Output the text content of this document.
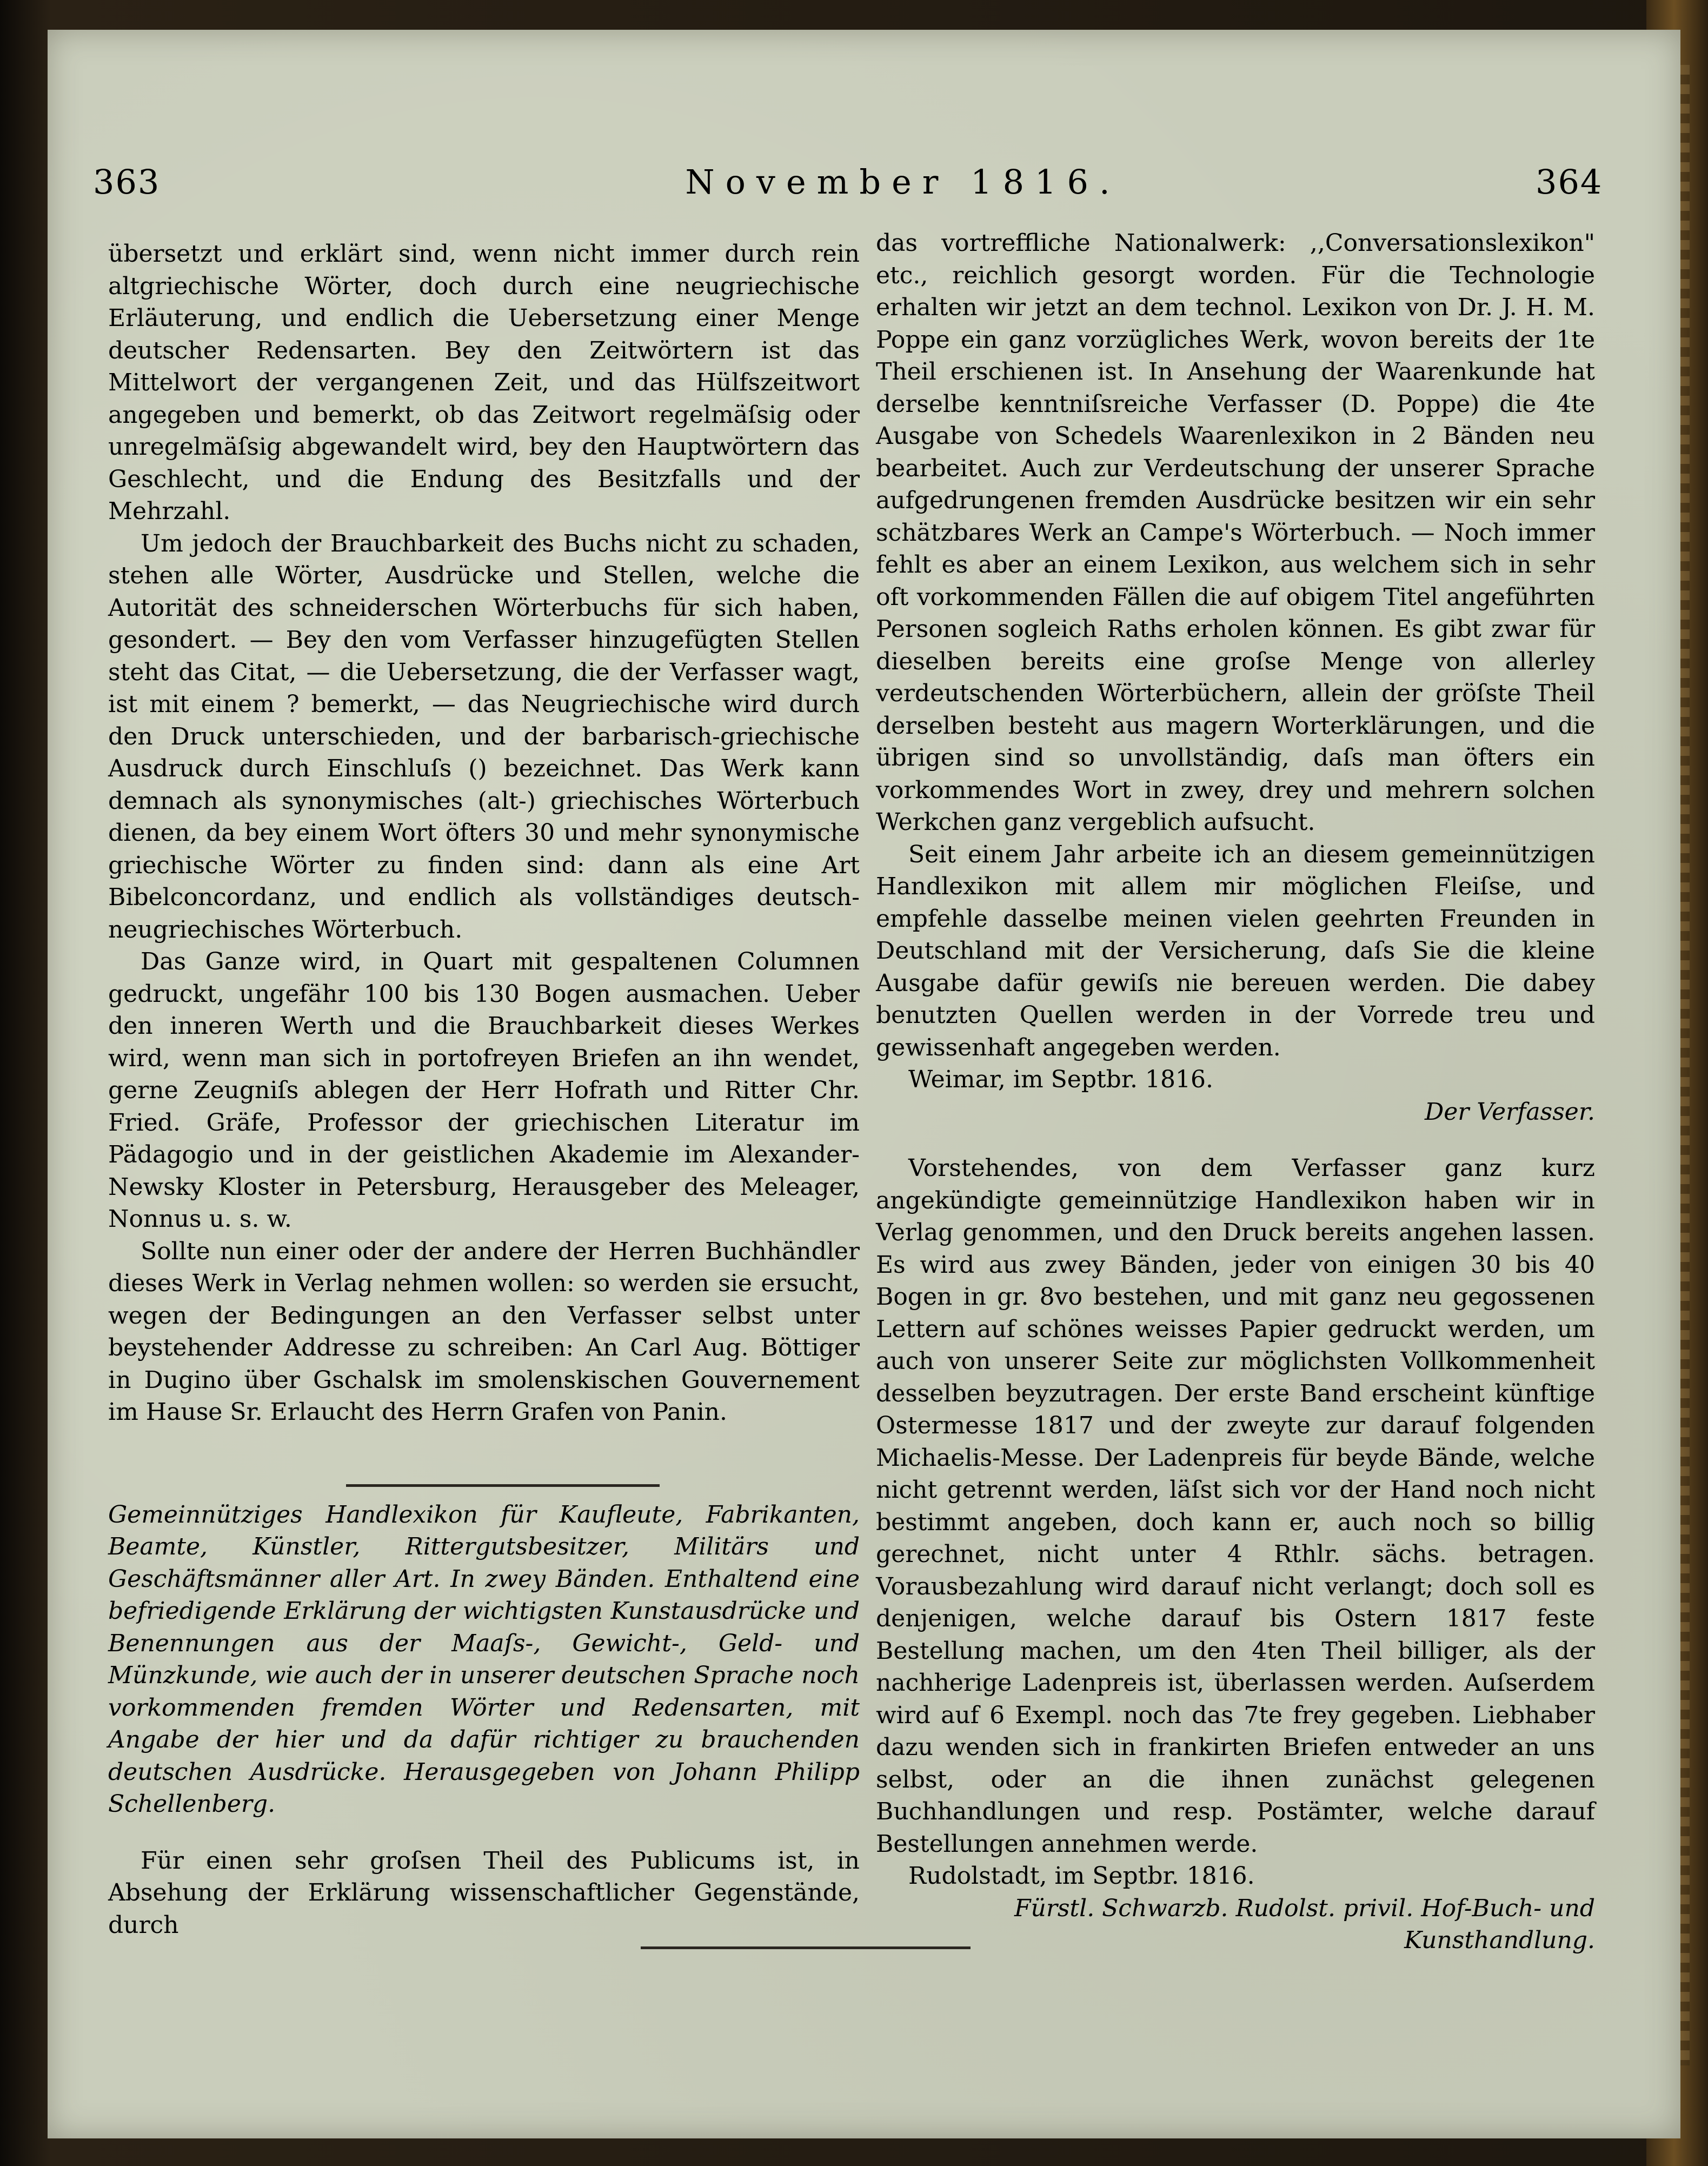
363	November 1816.	364

übersetzt und erklärt sind, wenn nicht immer durch rein altgriechische Wörter, doch durch eine neugriechische Erläuterung, und endlich die Uebersetzung einer Menge deutscher Redensarten. Bey den Zeitwörtern ist das Mittelwort der vergangenen Zeit, und das Hülfszeitwort angegeben und bemerkt, ob das Zeitwort regelmäſsig oder unregelmäſsig abgewandelt wird, bey den Hauptwörtern das Geschlecht, und die Endung des Besitzfalls und der Mehrzahl.

Um jedoch der Brauchbarkeit des Buchs nicht zu schaden, stehen alle Wörter, Ausdrücke und Stellen, welche die Autorität des schneiderschen Wörterbuchs für sich haben, gesondert. — Bey den vom Verfasser hinzugefügten Stellen steht das Citat, — die Uebersetzung, die der Verfasser wagt, ist mit einem ? bemerkt, — das Neugriechische wird durch den Druck unterschieden, und der barbarisch-griechische Ausdruck durch Einschluſs () bezeichnet. Das Werk kann demnach als synonymisches (alt-) griechisches Wörterbuch dienen, da bey einem Wort öfters 30 und mehr synonymische griechische Wörter zu finden sind: dann als eine Art Bibelconcordanz, und endlich als vollständiges deutsch-neugriechisches Wörterbuch.

Das Ganze wird, in Quart mit gespaltenen Columnen gedruckt, ungefähr 100 bis 130 Bogen ausmachen. Ueber den inneren Werth und die Brauchbarkeit dieses Werkes wird, wenn man sich in portofreyen Briefen an ihn wendet, gerne Zeugniſs ablegen der Herr Hofrath und Ritter Chr. Fried. Gräfe, Professor der griechischen Literatur im Pädagogio und in der geistlichen Akademie im Alexander-Newsky Kloster in Petersburg, Herausgeber des Meleager, Nonnus u. s. w.

Sollte nun einer oder der andere der Herren Buchhändler dieses Werk in Verlag nehmen wollen: so werden sie ersucht, wegen der Bedingungen an den Verfasser selbst unter beystehender Addresse zu schreiben: An Carl Aug. Böttiger in Dugino über Gschalsk im smolenskischen Gouvernement im Hause Sr. Erlaucht des Herrn Grafen von Panin.

Gemeinnütziges Handlexikon für Kaufleute, Fabrikanten, Beamte, Künstler, Rittergutsbesitzer, Militärs und Geschäftsmänner aller Art. In zwey Bänden. Enthaltend eine befriedigende Erklärung der wichtigsten Kunstausdrücke und Benennungen aus der Maaſs-, Gewicht-, Geld- und Münzkunde, wie auch der in unserer deutschen Sprache noch vorkommenden fremden Wörter und Redensarten, mit Angabe der hier und da dafür richtiger zu brauchenden deutschen Ausdrücke. Herausgegeben von Johann Philipp Schellenberg.

Für einen sehr groſsen Theil des Publicums ist, in Absehung der Erklärung wissenschaftlicher Gegenstände, durch

das vortreffliche Nationalwerk: ,,Conversationslexikon" etc., reichlich gesorgt worden. Für die Technologie erhalten wir jetzt an dem technol. Lexikon von Dr. J. H. M. Poppe ein ganz vorzügliches Werk, wovon bereits der 1te Theil erschienen ist. In Ansehung der Waarenkunde hat derselbe kenntniſsreiche Verfasser (D. Poppe) die 4te Ausgabe von Schedels Waarenlexikon in 2 Bänden neu bearbeitet. Auch zur Verdeutschung der unserer Sprache aufgedrungenen fremden Ausdrücke besitzen wir ein sehr schätzbares Werk an Campe's Wörterbuch. — Noch immer fehlt es aber an einem Lexikon, aus welchem sich in sehr oft vorkommenden Fällen die auf obigem Titel angeführten Personen sogleich Raths erholen können. Es gibt zwar für dieselben bereits eine groſse Menge von allerley verdeutschenden Wörterbüchern, allein der gröſste Theil derselben besteht aus magern Worterklärungen, und die übrigen sind so unvollständig, daſs man öfters ein vorkommendes Wort in zwey, drey und mehrern solchen Werkchen ganz vergeblich aufsucht.

Seit einem Jahr arbeite ich an diesem gemeinnützigen Handlexikon mit allem mir möglichen Fleiſse, und empfehle dasselbe meinen vielen geehrten Freunden in Deutschland mit der Versicherung, daſs Sie die kleine Ausgabe dafür gewiſs nie bereuen werden. Die dabey benutzten Quellen werden in der Vorrede treu und gewissenhaft angegeben werden.

Weimar, im Septbr. 1816.

Der Verfasser.

Vorstehendes, von dem Verfasser ganz kurz angekündigte gemeinnützige Handlexikon haben wir in Verlag genommen, und den Druck bereits angehen lassen. Es wird aus zwey Bänden, jeder von einigen 30 bis 40 Bogen in gr. 8vo bestehen, und mit ganz neu gegossenen Lettern auf schönes weisses Papier gedruckt werden, um auch von unserer Seite zur möglichsten Vollkommenheit desselben beyzutragen. Der erste Band erscheint künftige Ostermesse 1817 und der zweyte zur darauf folgenden Michaelis-Messe. Der Ladenpreis für beyde Bände, welche nicht getrennt werden, läſst sich vor der Hand noch nicht bestimmt angeben, doch kann er, auch noch so billig gerechnet, nicht unter 4 Rthlr. sächs. betragen. Vorausbezahlung wird darauf nicht verlangt; doch soll es denjenigen, welche darauf bis Ostern 1817 feste Bestellung machen, um den 4ten Theil billiger, als der nachherige Ladenpreis ist, überlassen werden. Auſserdem wird auf 6 Exempl. noch das 7te frey gegeben. Liebhaber dazu wenden sich in frankirten Briefen entweder an uns selbst, oder an die ihnen zunächst gelegenen Buchhandlungen und resp. Postämter, welche darauf Bestellungen annehmen werde.

Rudolstadt, im Septbr. 1816.

Fürstl. Schwarzb. Rudolst. privil. Hof-Buch- und Kunsthandlung.
